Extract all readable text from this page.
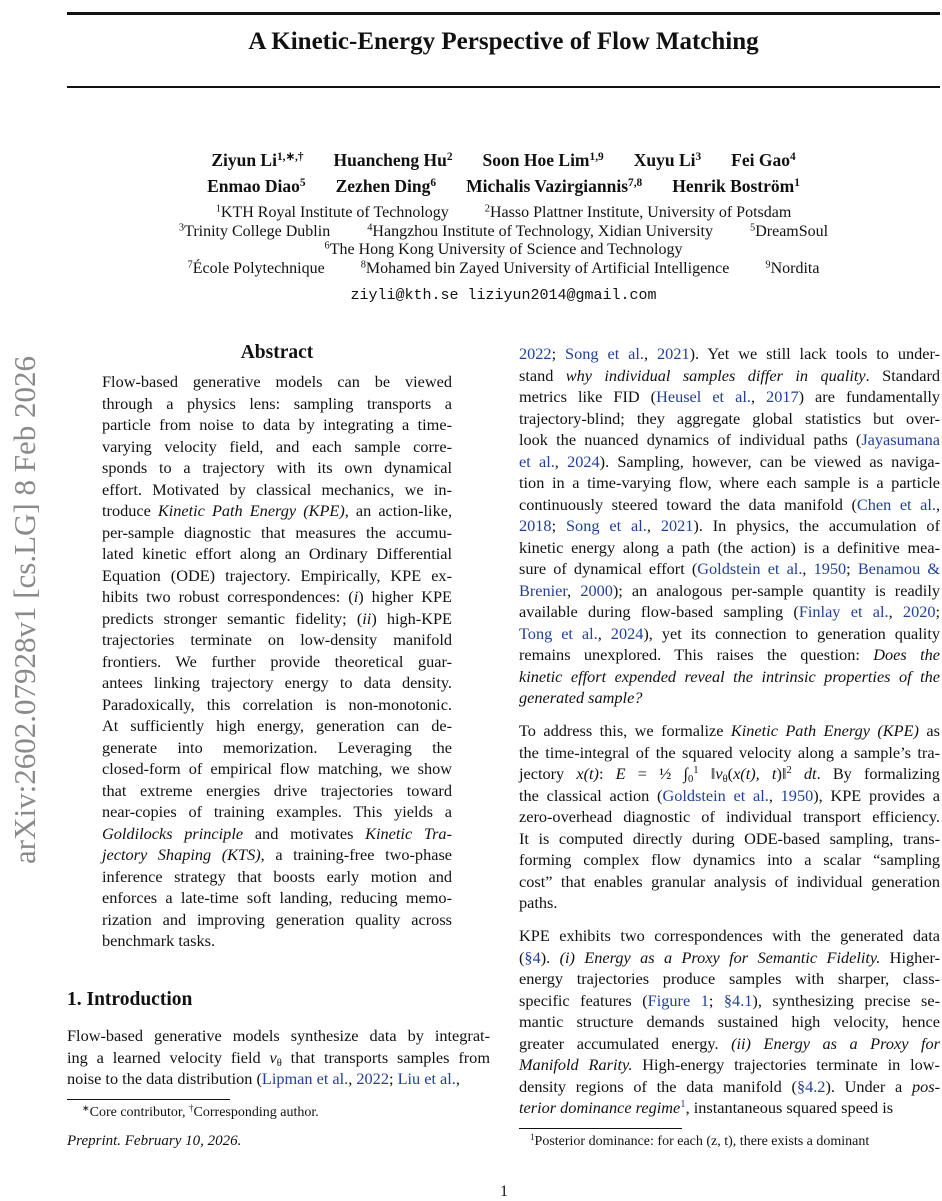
A Kinetic-Energy Perspective of Flow Matching
arXiv:2602.07928v1 [cs.LG] 8 Feb 2026
Ziyun $Li^{1,∗,\dagger}$ Huancheng Hu$^2$ Soon Hoe Lim$^{1,9}$ Xuyu Li$^3$ Fei Gao$^4$
Enmao Diao$^5$ Zezhen Ding$^6$ Michalis Vazirgiannis$^{7,8}$ Henrik Boström$^1$
$^1$KTH Royal Institute of Technology	$^2$Hasso Plattner Institute, University of Potsdam
$^3$Trinity College Dublin	$^4$Hangzhou Institute of Technology, Xidian University	$^5$DreamSoul
$^6$The Hong Kong University of Science and Technology
$^7$École Polytechnique	$^8$Mohamed bin Zayed University of Artificial Intelligence	$^9$Nordita
ziyli@kth.se liziyun2014@gmail.com
Abstract
Flow-based generative models can be viewed
through a physics lens: sampling transports a
particle from noise to data by integrating a time-
varying velocity field, and each sample corre-
sponds to a trajectory with its own dynamical
effort. Motivated by classical mechanics, we in-
troduce Kinetic Path Energy (KPE), an action-like,
per-sample diagnostic that measures the accumu-
lated kinetic effort along an Ordinary Differential
Equation (ODE) trajectory. Empirically, KPE ex-
hibits two robust correspondences: (i) higher KPE
predicts stronger semantic fidelity; (ii) high-KPE
trajectories terminate on low-density manifold
frontiers. We further provide theoretical guar-
antees linking trajectory energy to data density.
Paradoxically, this correlation is non-monotonic.
At sufficiently high energy, generation can de-
generate into memorization. Leveraging the
closed-form of empirical flow matching, we show
that extreme energies drive trajectories toward
near-copies of training examples. This yields a
Goldilocks principle and motivates Kinetic Tra-
jectory Shaping (KTS), a training-free two-phase
inference strategy that boosts early motion and
enforces a late-time soft landing, reducing memo-
rization and improving generation quality across
benchmark tasks.
1. Introduction
Flow-based generative models synthesize data by integrat-
ing a learned velocity field $v_\theta$ that transports samples from
noise to the data distribution (Lipman et al., 2022; Liu et al.,
2022; Song et al., 2021). Yet we still lack tools to under-
stand why individual samples differ in quality. Standard
metrics like FID (Heusel et al., 2017) are fundamentally
trajectory-blind; they aggregate global statistics but over-
look the nuanced dynamics of individual paths (Jayasumana
et al., 2024). Sampling, however, can be viewed as naviga-
tion in a time-varying flow, where each sample is a particle
continuously steered toward the data manifold (Chen et al.,
2018; Song et al., 2021). In physics, the accumulation of
kinetic energy along a path (the action) is a definitive mea-
sure of dynamical effort (Goldstein et al., 1950; Benamou &
Brenier, 2000); an analogous per-sample quantity is readily
available during flow-based sampling (Finlay et al., 2020;
Tong et al., 2024), yet its connection to generation quality
remains unexplored. This raises the question: Does the
kinetic effort expended reveal the intrinsic properties of the
generated sample?
To address this, we formalize Kinetic Path Energy (KPE) as
the time-integral of the squared velocity along a sample’s tra-
jectory x(t): E = ½ $\int_0^1$ $‖v_\theta(x(t)$, t)‖$^2$ dt. By formalizing
the classical action (Goldstein et al., 1950), KPE provides a
zero-overhead diagnostic of individual transport efficiency.
It is computed directly during ODE-based sampling, trans-
forming complex flow dynamics into a scalar “sampling
cost” that enables granular analysis of individual generation
paths.
KPE exhibits two correspondences with the generated data
(§4). (i) Energy as a Proxy for Semantic Fidelity. Higher-
energy trajectories produce samples with sharper, class-
specific features (Figure 1; §4.1), synthesizing precise se-
mantic structure demands sustained high velocity, hence
greater accumulated energy. (ii) Energy as a Proxy for
Manifold Rarity. High-energy trajectories terminate in low-
density regions of the data manifold (§4.2). Under a pos-
terior dominance regime$^1$, instantaneous squared speed is
∗Core contributor, †Corresponding author.
Preprint. February 10, 2026.	$^1$Posterior dominance: for each (z, t), there exists a dominant
1
